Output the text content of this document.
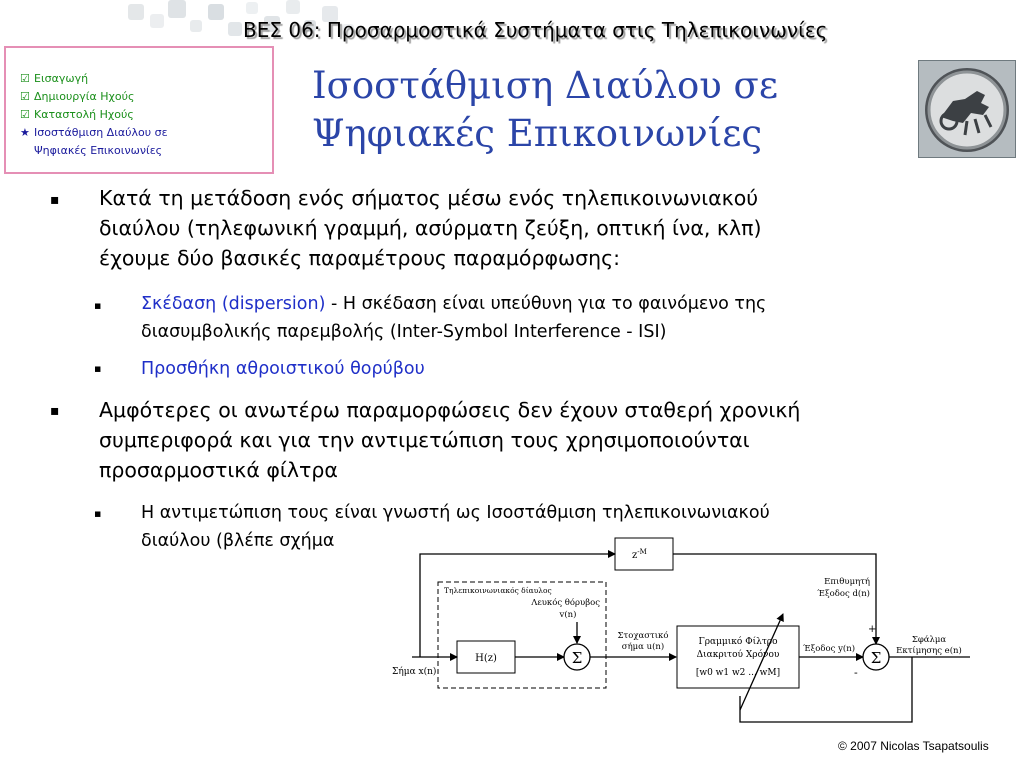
ΒΕΣ 06: Προσαρμοστικά Συστήματα στις Τηλεπικοινωνίες
☑ Εισαγωγή
☑ Δημιουργία Ηχούς
☑ Καταστολή Ηχούς
★ Ισοστάθμιση Διαύλου σε
Ψηφιακές Επικοινωνίες
Ισοστάθμιση Διαύλου σε
Ψηφιακές Επικοινωνίες
▪ Κατά τη μετάδοση ενός σήματος μέσω ενός τηλεπικοινωνιακού
διαύλου (τηλεφωνική γραμμή, ασύρματη ζεύξη, οπτική ίνα, κλπ)
έχουμε δύο βασικές παραμέτρους παραμόρφωσης:
▪ Σκέδαση (dispersion) - Η σκέδαση είναι υπεύθυνη για το φαινόμενο της
διασυμβολικής παρεμβολής (Inter-Symbol Interference - ISI)
▪ Προσθήκη αθροιστικού θορύβου
▪ Αμφότερες οι ανωτέρω παραμορφώσεις δεν έχουν σταθερή χρονική
συμπεριφορά και για την αντιμετώπιση τους χρησιμοποιούνται
προσαρμοστικά φίλτρα
▪ Η αντιμετώπιση τους είναι γνωστή ως Ισοστάθμιση τηλεπικοινωνιακού
διαύλου (βλέπε σχήμα
$z^{-M}$
Τηλεπικοινωνιακός δίαυλος
Λευκός θόρυβος
v(n)
H(z)
Σήμα x(n)
Σ
Στοχαστικό
σήμα u(n)	Γραμμικό Φίλτρο
Διακριτού Χρόνου
[w0 w1 w2 ... wM]
Έξοδος y(n) Σ
+
-
Επιθυμητή
Έξοδος d(n)
Σφάλμα
Εκτίμησης e(n)
© 2007 Nicolas Tsapatsoulis
